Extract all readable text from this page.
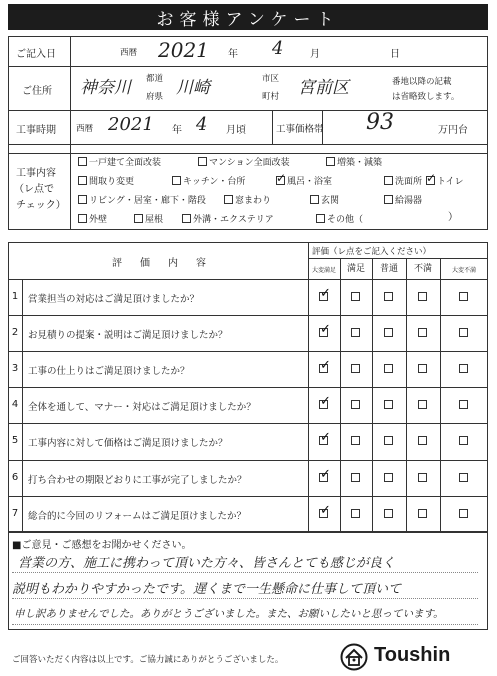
お客様アンケート
ご記入日	西暦 2021 年 4	月	日
ご住所 神奈川 都道
府県 川崎	市区
町村 宮前区	番地以降の記載
は省略致します。
工事時期 西暦 2021 年 4 月頃	工事価格帯 93	万円台
工事内容
（レ点で
チェック）
一戸建て全面改装	マンション全面改装	増築・減築
間取り変更	キッチン・台所	✓ 風呂・浴室	洗面所 ✓ トイレ
リビング・居室・廊下・階段	窓まわり	玄関	給湯器
外壁	屋根	外溝・エクステリア	その他（	）
評　価　内　容
評価（レ点をご記入ください）
大変満足	満足	普通	不満	大変不満
1 営業担当の対応はご満足頂けましたか？	✓
2 お見積りの提案・説明はご満足頂けましたか？	✓
3 工事の仕上りはご満足頂けましたか？	✓
4 全体を通して、マナー・対応はご満足頂けましたか？	✓
5 工事内容に対して価格はご満足頂けましたか？	✓
6 打ち合わせの期限どおりに工事が完了しましたか？	✓
7 総合的に今回のリフォームはご満足頂けましたか？	✓
■ご意見・ご感想をお聞かせください。
営業の方、施工に携わって頂いた方々、皆さんとても感じが良く
説明もわかりやすかったです。遅くまで一生懸命に仕事して頂いて
申し訳ありませんでした。ありがとうございました。また、お願いしたいと思っています。
ご回答いただく内容は以上です。ご協力誠にありがとうございました。	Toushin
